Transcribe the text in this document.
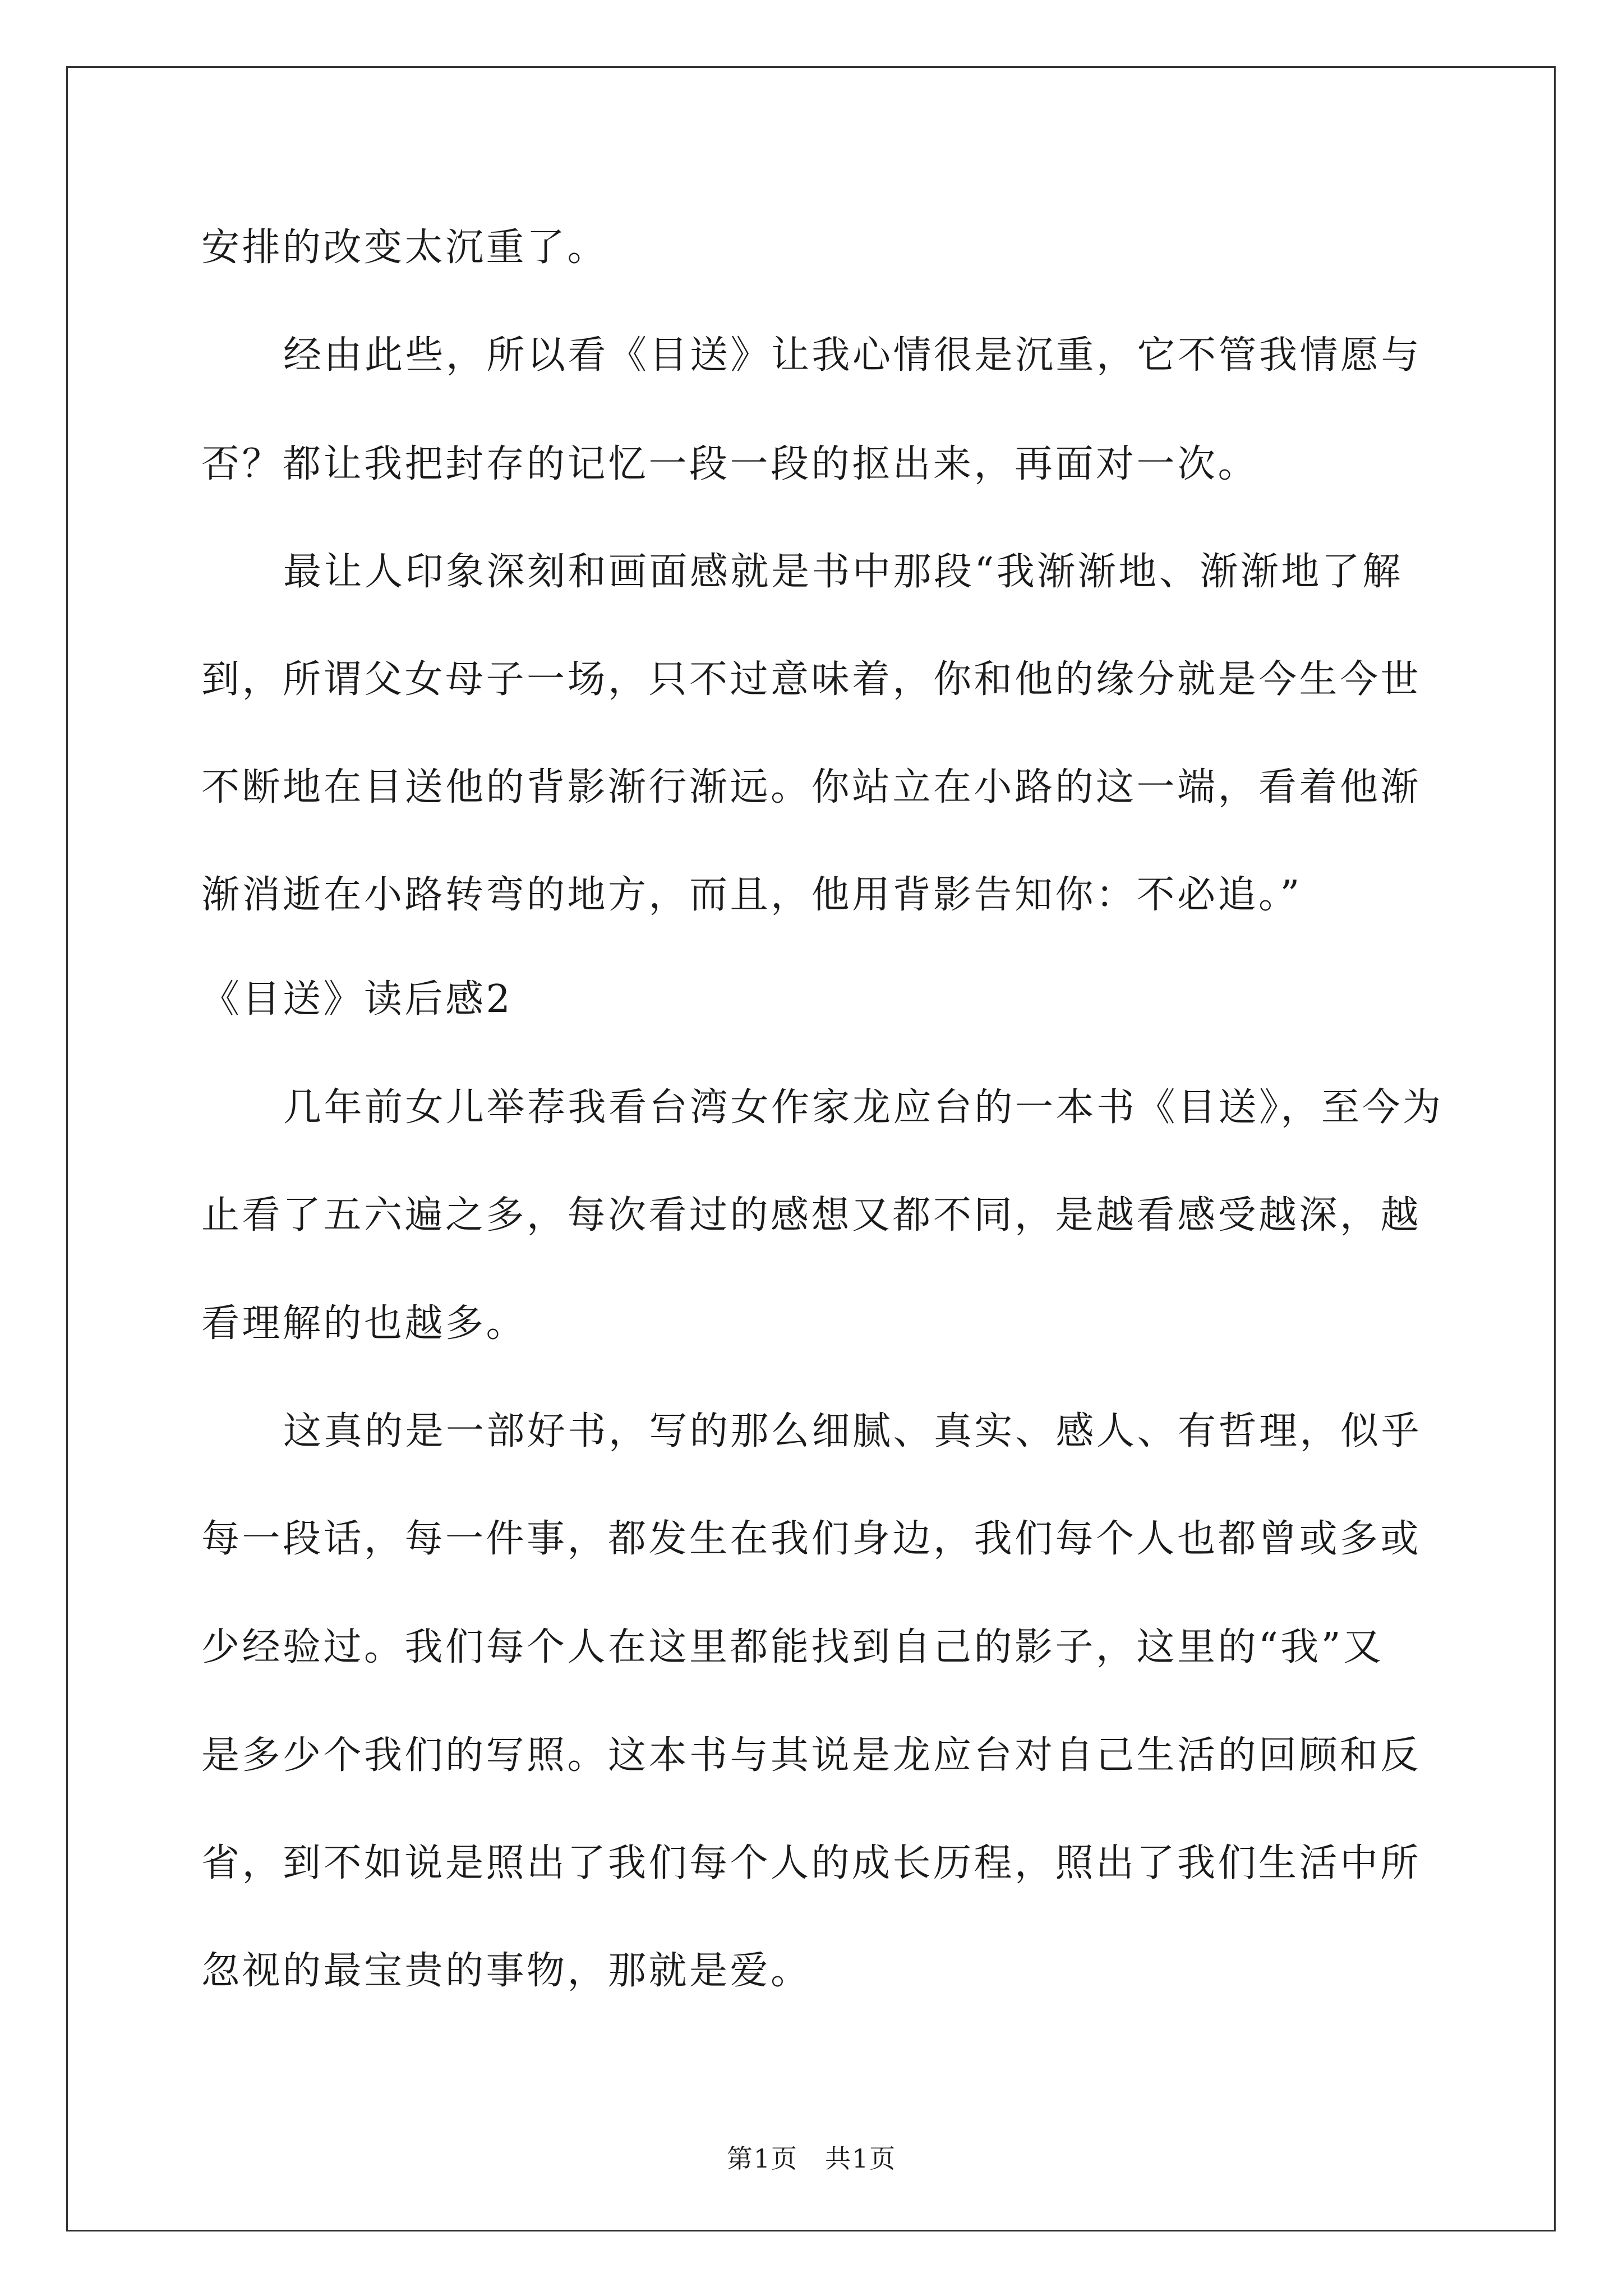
安排的改变太沉重了。
经由此些，所以看《目送》让我心情很是沉重，它不管我情愿与
否？都让我把封存的记忆一段一段的抠出来，再面对一次。
最让人印象深刻和画面感就是书中那段“我渐渐地、渐渐地了解
到，所谓父女母子一场，只不过意味着，你和他的缘分就是今生今世
不断地在目送他的背影渐行渐远。你站立在小路的这一端，看着他渐
渐消逝在小路转弯的地方，而且，他用背影告知你：不必追。”
《目送》读后感2
几年前女儿举荐我看台湾女作家龙应台的一本书《目送》，至今为
止看了五六遍之多，每次看过的感想又都不同，是越看感受越深，越
看理解的也越多。
这真的是一部好书，写的那么细腻、真实、感人、有哲理，似乎
每一段话，每一件事，都发生在我们身边，我们每个人也都曾或多或
少经验过。我们每个人在这里都能找到自己的影子，这里的“我”又
是多少个我们的写照。这本书与其说是龙应台对自己生活的回顾和反
省，到不如说是照出了我们每个人的成长历程，照出了我们生活中所
忽视的最宝贵的事物，那就是爱。
第1页　共1页
